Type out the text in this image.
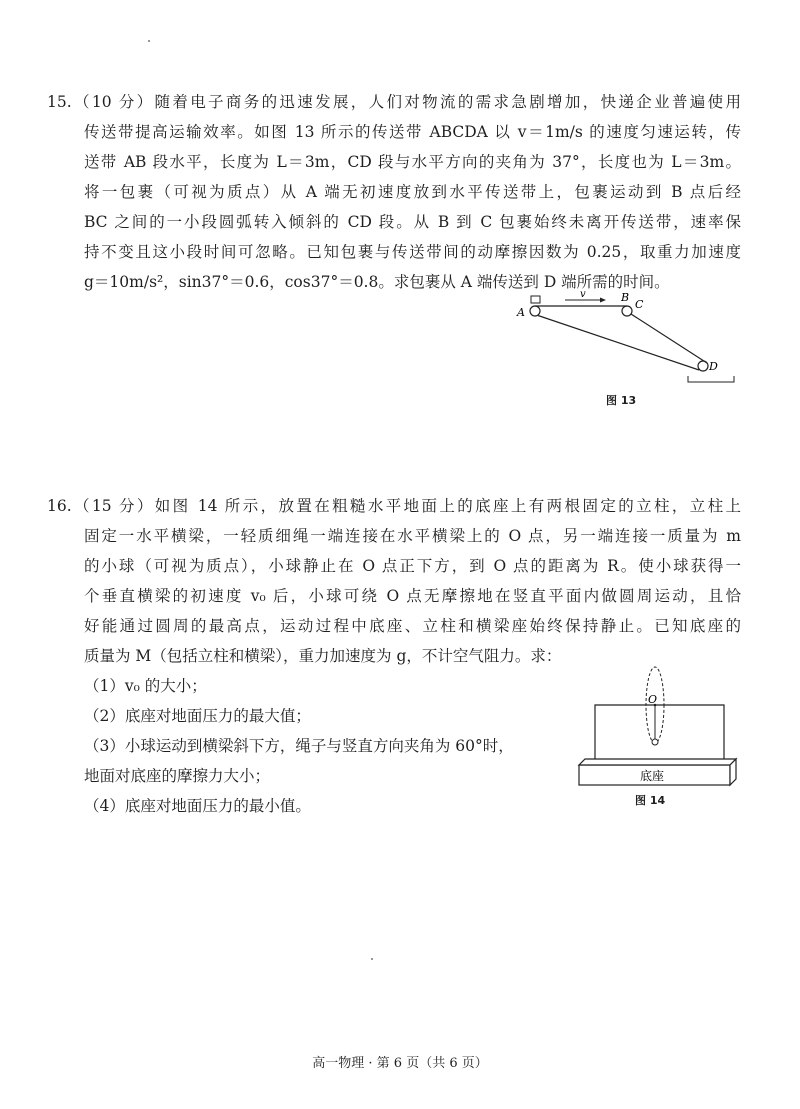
15.（10 分）随着电子商务的迅速发展，人们对物流的需求急剧增加，快递企业普遍使用
传送带提高运输效率。如图 13 所示的传送带 ABCDA 以 v＝1m/s 的速度匀速运转，传
送带 AB 段水平，长度为 L＝3m，CD 段与水平方向的夹角为 37°，长度也为 L＝3m。
将一包裹（可视为质点）从 A 端无初速度放到水平传送带上，包裹运动到 B 点后经
BC 之间的一小段圆弧转入倾斜的 CD 段。从 B 到 C 包裹始终未离开传送带，速率保
持不变且这小段时间可忽略。已知包裹与传送带间的动摩擦因数为 0.25，取重力加速度
g＝10m/s²，sin37°＝0.6，cos37°＝0.8。求包裹从 A 端传送到 D 端所需的时间。
A
v	B
C
D
图 13
16.（15 分）如图 14 所示，放置在粗糙水平地面上的底座上有两根固定的立柱，立柱上
固定一水平横梁，一轻质细绳一端连接在水平横梁上的 O 点，另一端连接一质量为 m
的小球（可视为质点），小球静止在 O 点正下方，到 O 点的距离为 R。使小球获得一
个垂直横梁的初速度 v₀ 后，小球可绕 O 点无摩擦地在竖直平面内做圆周运动，且恰
好能通过圆周的最高点，运动过程中底座、立柱和横梁座始终保持静止。已知底座的
质量为 M（包括立柱和横梁），重力加速度为 g，不计空气阻力。求：
（1）v₀ 的大小；
（2）底座对地面压力的最大值；
（3）小球运动到横梁斜下方，绳子与竖直方向夹角为 60°时，
地面对底座的摩擦力大小；
（4）底座对地面压力的最小值。
O
底座
图 14
高一物理 · 第 6 页（共 6 页）
